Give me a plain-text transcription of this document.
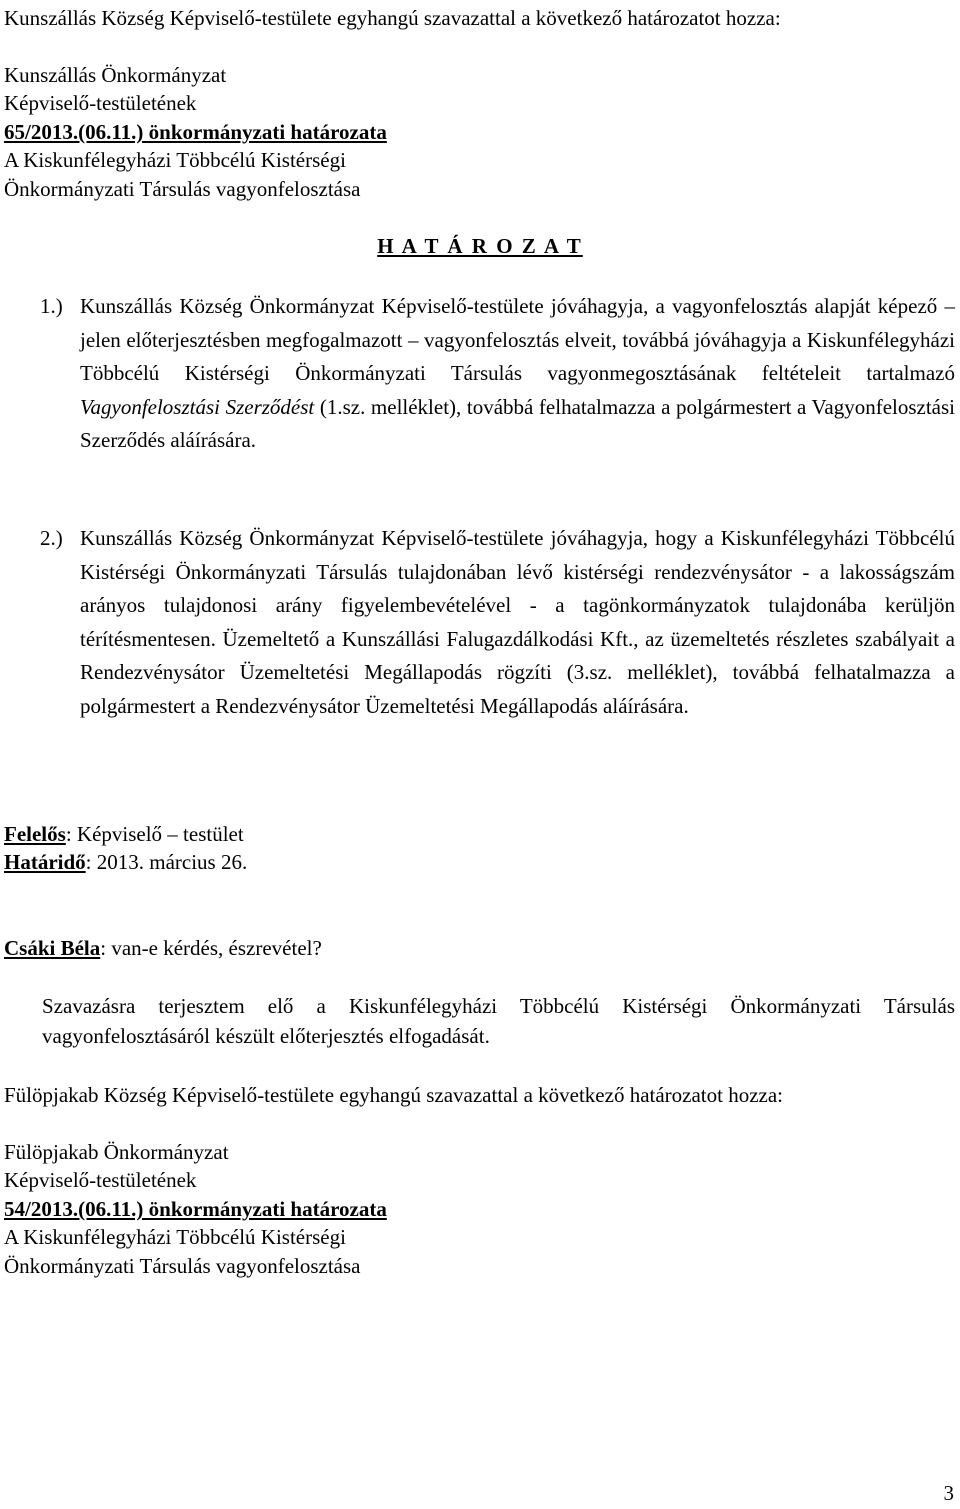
Kunszállás Község Képviselő-testülete egyhangú szavazattal a következő határozatot hozza:
Kunszállás Önkormányzat
Képviselő-testületének
65/2013.(06.11.) önkormányzati határozata
A Kiskunfélegyházi Többcélú Kistérségi
Önkormányzati Társulás vagyonfelosztása
H A T Á R O Z A T
1.) Kunszállás Község Önkormányzat Képviselő-testülete jóváhagyja, a vagyonfelosztás alapját képező – jelen előterjesztésben megfogalmazott – vagyonfelosztás elveit, továbbá jóváhagyja a Kiskunfélegyházi Többcélú Kistérségi Önkormányzati Társulás vagyonmegosztásának feltételeit tartalmazó Vagyonfelosztási Szerződést (1.sz. melléklet), továbbá felhatalmazza a polgármestert a Vagyonfelosztási Szerződés aláírására.
2.) Kunszállás Község Önkormányzat Képviselő-testülete jóváhagyja, hogy a Kiskunfélegyházi Többcélú Kistérségi Önkormányzati Társulás tulajdonában lévő kistérségi rendezvénysátor - a lakosságszám arányos tulajdonosi arány figyelembevételével - a tagönkormányzatok tulajdonába kerüljön térítésmentesen. Üzemeltető a Kunszállási Falugazdálkodási Kft., az üzemeltetés részletes szabályait a Rendezvénysátor Üzemeltetési Megállapodás rögzíti (3.sz. melléklet), továbbá felhatalmazza a polgármestert a Rendezvénysátor Üzemeltetési Megállapodás aláírására.
Felelős: Képviselő – testület
Határidő: 2013. március 26.
Csáki Béla: van-e kérdés, észrevétel?
Szavazásra terjesztem elő a Kiskunfélegyházi Többcélú Kistérségi Önkormányzati Társulás vagyonfelosztásáról készült előterjesztés elfogadását.
Fülöpjakab Község Képviselő-testülete egyhangú szavazattal a következő határozatot hozza:
Fülöpjakab Önkormányzat
Képviselő-testületének
54/2013.(06.11.) önkormányzati határozata
A Kiskunfélegyházi Többcélú Kistérségi
Önkormányzati Társulás vagyonfelosztása
3
